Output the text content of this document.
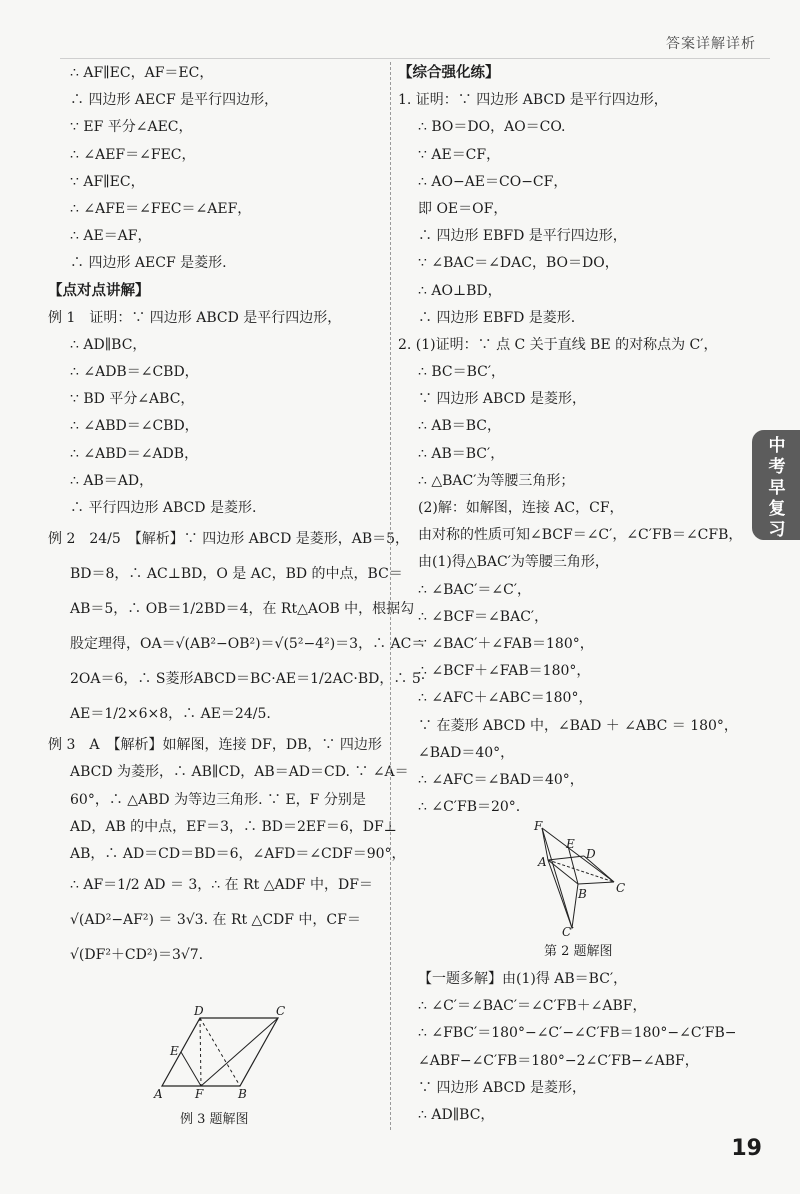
答案详解详析
∴ AF∥EC，AF＝EC，
∴ 四边形 AECF 是平行四边形，
∵ EF 平分∠AEC，
∴ ∠AEF＝∠FEC，
∵ AF∥EC，
∴ ∠AFE＝∠FEC＝∠AEF，
∴ AE＝AF，
∴ 四边形 AECF 是菱形.
【点对点讲解】
例 1　证明：∵ 四边形 ABCD 是平行四边形，
∴ AD∥BC，
∴ ∠ADB＝∠CBD，
∵ BD 平分∠ABC，
∴ ∠ABD＝∠CBD，
∴ ∠ABD＝∠ADB，
∴ AB＝AD，
∴ 平行四边形 ABCD 是菱形.
例 2　24/5　【解析】∵ 四边形 ABCD 是菱形，AB＝5，
BD＝8，∴ AC⊥BD，O 是 AC，BD 的中点，BC＝
AB＝5，∴ OB＝1/2BD＝4，在 Rt△AOB 中，根据勾
股定理得，OA＝√(AB²−OB²)＝√(5²−4²)＝3，∴ AC＝
2OA＝6，∴ S菱形ABCD＝BC·AE＝1/2AC·BD，∴ 5·
AE＝1/2×6×8，∴ AE＝24/5.
例 3　A　【解析】如解图，连接 DF，DB，∵ 四边形
ABCD 为菱形，∴ AB∥CD，AB＝AD＝CD. ∵ ∠A＝
60°，∴ △ABD 为等边三角形. ∵ E，F 分别是
AD，AB 的中点，EF＝3，∴ BD＝2EF＝6，DF⊥
AB，∴ AD＝CD＝BD＝6，∠AFD＝∠CDF＝90°，
∴ AF＝1/2 AD ＝ 3，∴ 在 Rt △ADF 中，DF＝
√(AD²−AF²) ＝ 3√3. 在 Rt △CDF 中，CF＝
√(DF²＋CD²)＝3√7.
D	C
E
A	F	B
例 3 题解图
【综合强化练】
1. 证明：∵ 四边形 ABCD 是平行四边形，
∴ BO＝DO，AO＝CO.
∵ AE＝CF，
∴ AO−AE＝CO−CF，
即 OE＝OF，
∴ 四边形 EBFD 是平行四边形，
∵ ∠BAC＝∠DAC，BO＝DO，
∴ AO⊥BD，
∴ 四边形 EBFD 是菱形.
2. (1)证明：∵ 点 C 关于直线 BE 的对称点为 C′，
∴ BC＝BC′，
∵ 四边形 ABCD 是菱形，
∴ AB＝BC，
∴ AB＝BC′，
∴ △BAC′为等腰三角形；
(2)解：如解图，连接 AC，CF，
由对称的性质可知∠BCF＝∠C′，∠C′FB＝∠CFB，
由(1)得△BAC′为等腰三角形，
∴ ∠BAC′＝∠C′，
∴ ∠BCF＝∠BAC′，
∵ ∠BAC′＋∠FAB＝180°，
∴ ∠BCF＋∠FAB＝180°，
∴ ∠AFC＋∠ABC＝180°，
∵ 在菱形 ABCD 中，∠BAD ＋ ∠ABC ＝ 180°，
∠BAD＝40°，
∴ ∠AFC＝∠BAD＝40°，
∴ ∠C′FB＝20°.
F
E
D
A
C
B
C′
第 2 题解图
【一题多解】由(1)得 AB＝BC′，
∴ ∠C′＝∠BAC′＝∠C′FB＋∠ABF，
∴ ∠FBC′＝180°−∠C′−∠C′FB＝180°−∠C′FB−
∠ABF−∠C′FB＝180°−2∠C′FB−∠ABF，
∵ 四边形 ABCD 是菱形，
∴ AD∥BC，
中考早复习
19
